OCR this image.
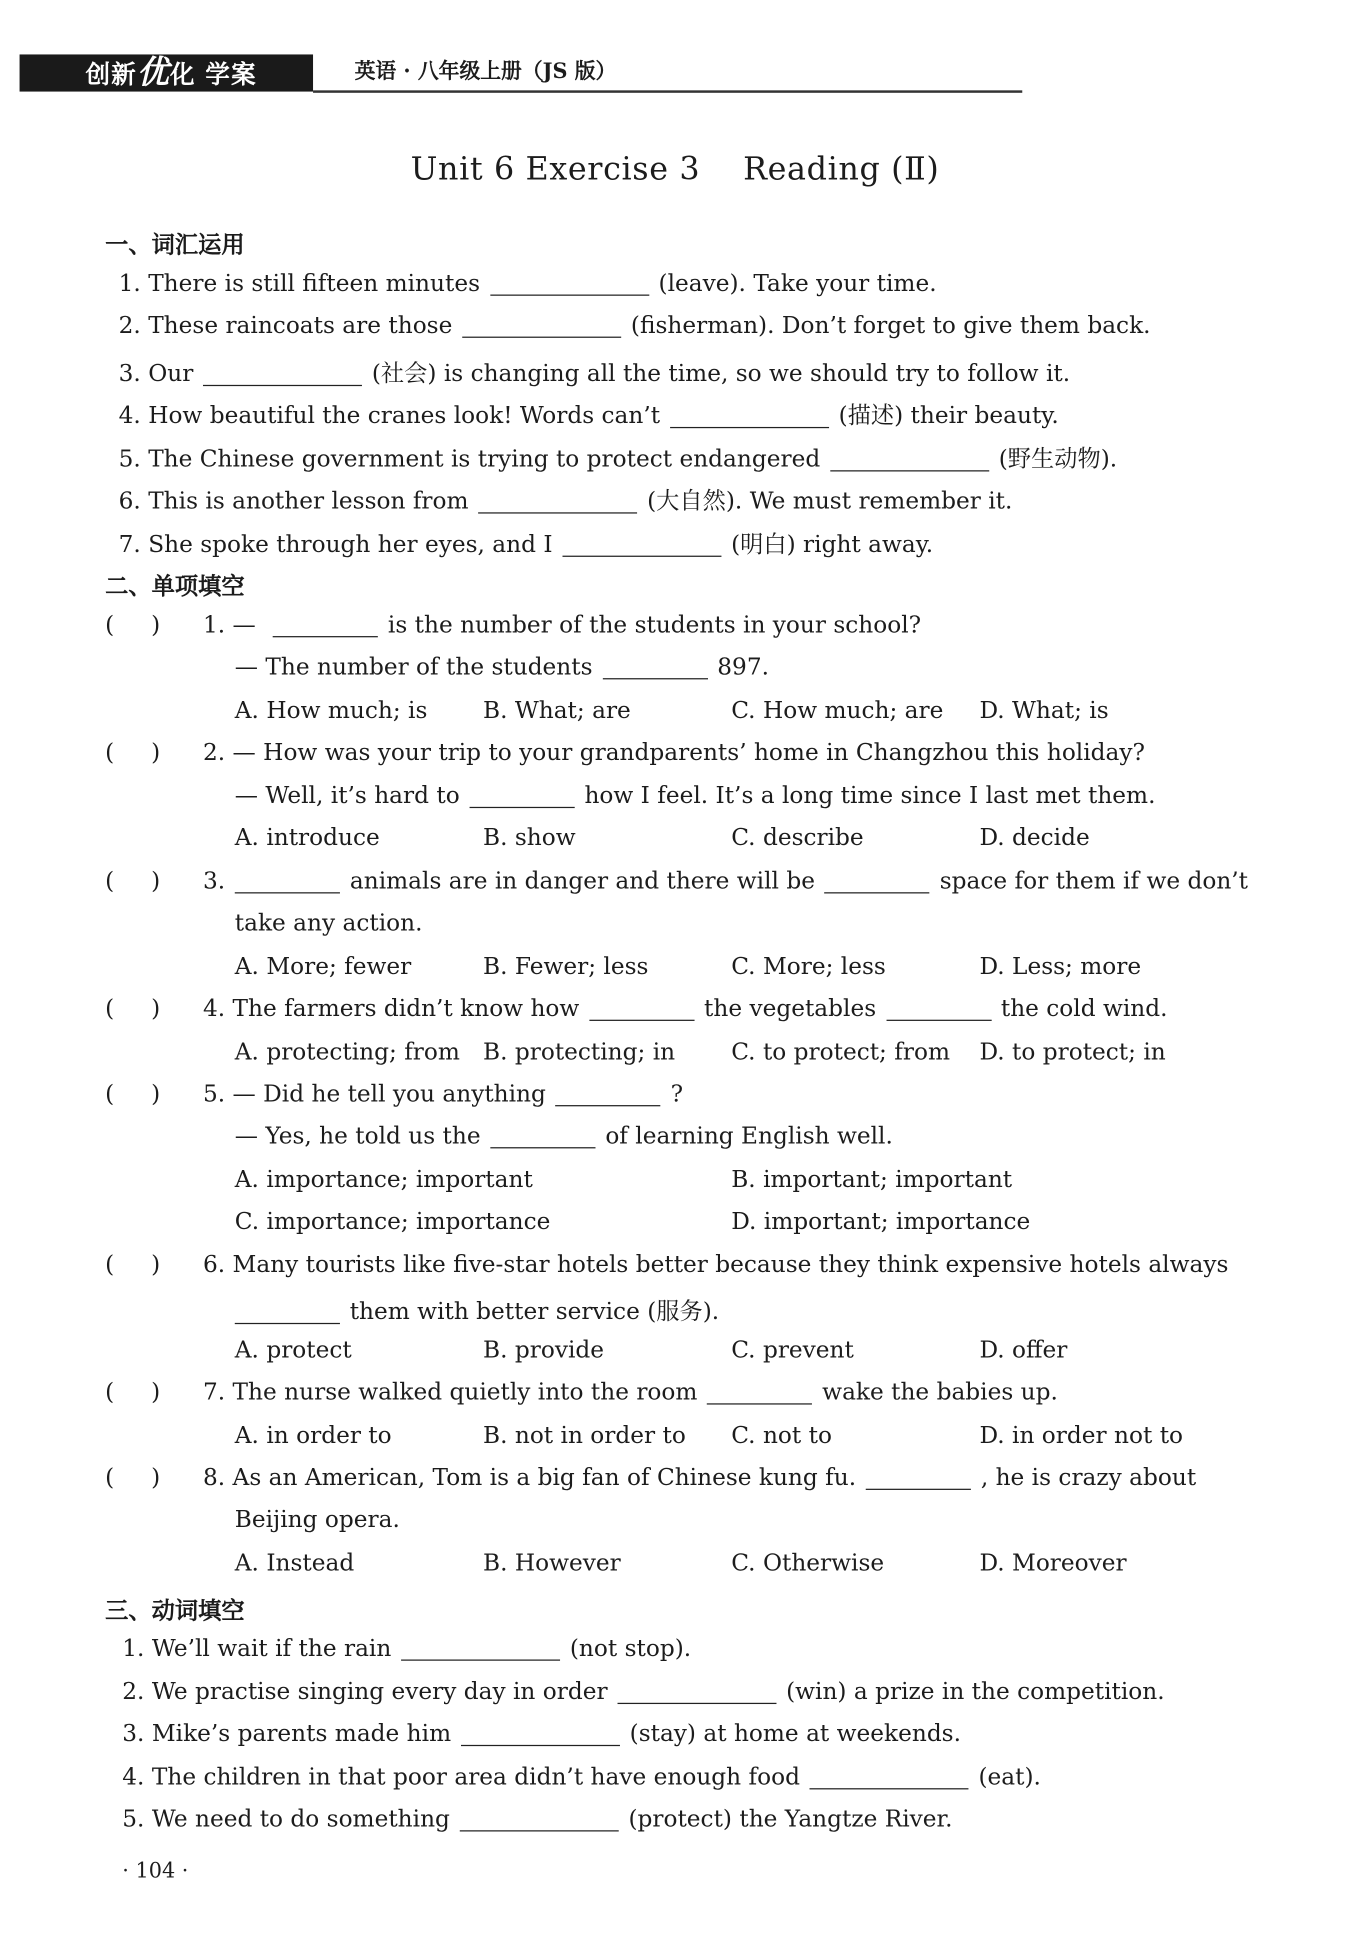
创新优化 学案	英语 · 八年级上册（JS 版）
Unit 6 Exercise 3    Reading (Ⅱ)
一、词汇运用
1. There is still fifteen minutes	(leave). Take your time.
2. These raincoats are those	(fisherman). Don’t forget to give them back.
3. Our	(社会) is changing all the time, so we should try to follow it.
4. How beautiful the cranes look! Words can’t	(描述) their beauty.
5. The Chinese government is trying to protect endangered	(野生动物).
6. This is another lesson from	(大自然). We must remember it.
7. She spoke through her eyes, and I	(明白) right away.
二、单项填空
(     ) 1. —	is the number of the students in your school?
— The number of the students	897.
A. How much; is	B. What; are	C. How much; are D. What; is
(     ) 2. — How was your trip to your grandparents’ home in Changzhou this holiday?
— Well, it’s hard to	how I feel. It’s a long time since I last met them.
A. introduce	B. show	C. describe	D. decide
(     ) 3.	animals are in danger and there will be	space for them if we don’t
take any action.
A. More; fewer	B. Fewer; less	C. More; less	D. Less; more
(     ) 4. The farmers didn’t know how	the vegetables	the cold wind.
A. protecting; from B. protecting; in	C. to protect; from D. to protect; in
(     ) 5. — Did he tell you anything	?
— Yes, he told us the	of learning English well.
A. importance; important	B. important; important
C. importance; importance	D. important; importance
(     ) 6. Many tourists like five-star hotels better because they think expensive hotels always
them with better service (服务).
A. protect	B. provide	C. prevent	D. offer
(     ) 7. The nurse walked quietly into the room	wake the babies up.
A. in order to	B. not in order to C. not to	D. in order not to
(     ) 8. As an American, Tom is a big fan of Chinese kung fu.	, he is crazy about
Beijing opera.
A. Instead	B. However	C. Otherwise	D. Moreover
三、动词填空
1. We’ll wait if the rain	(not stop).
2. We practise singing every day in order	(win) a prize in the competition.
3. Mike’s parents made him	(stay) at home at weekends.
4. The children in that poor area didn’t have enough food	(eat).
5. We need to do something	(protect) the Yangtze River.
· 104 ·
